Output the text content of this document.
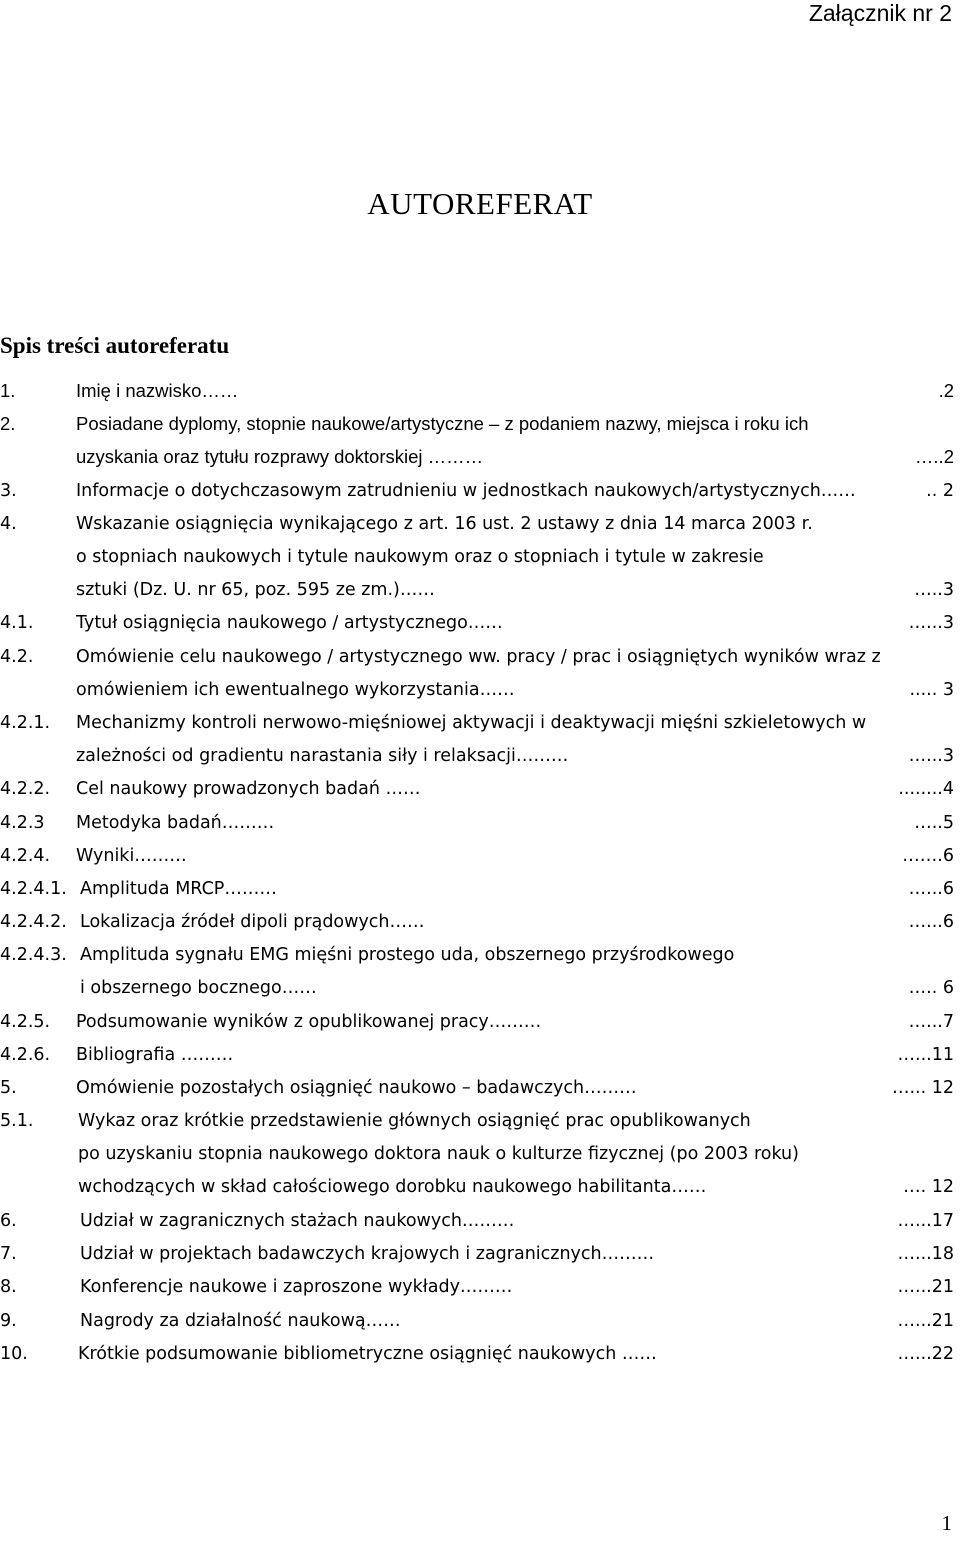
Załącznik nr 2
AUTOREFERAT
Spis treści autoreferatu
1.	Imię i nazwisko……	.2
2.	Posiadane dyplomy, stopnie naukowe/artystyczne – z podaniem nazwy, miejsca i roku ich
uzyskania oraz tytułu rozprawy doktorskiej ………	…..2
3.	Informacje o dotychczasowym zatrudnieniu w jednostkach naukowych/artystycznych……	.. 2
4.	Wskazanie osiągnięcia wynikającego z art. 16 ust. 2 ustawy z dnia 14 marca 2003 r.
o stopniach naukowych i tytule naukowym oraz o stopniach i tytule w zakresie
sztuki (Dz. U. nr 65, poz. 595 ze zm.)……	…..3
4.1. Tytuł osiągnięcia naukowego / artystycznego……	…...3
4.2. Omówienie celu naukowego / artystycznego ww. pracy / prac i osiągniętych wyników wraz z
omówieniem ich ewentualnego wykorzystania……	..... 3
4.2.1. Mechanizmy kontroli nerwowo-mięśniowej aktywacji i deaktywacji mięśni szkieletowych w
zależności od gradientu narastania siły i relaksacji………	…...3
4.2.2. Cel naukowy prowadzonych badań ……	........4
4.2.3 Metodyka badań………	…..5
4.2.4. Wyniki………	…….6
4.2.4.1. Amplituda MRCP………	…...6
4.2.4.2. Lokalizacja źródeł dipoli prądowych……	…...6
4.2.4.3. Amplituda sygnału EMG mięśni prostego uda, obszernego przyśrodkowego
i obszernego bocznego……	….. 6
4.2.5. Podsumowanie wyników z opublikowanej pracy………	…...7
4.2.6. Bibliografia ………	…...11
5.	Omówienie pozostałych osiągnięć naukowo – badawczych………	…... 12
5.1.	Wykaz oraz krótkie przedstawienie głównych osiągnięć prac opublikowanych
po uzyskaniu stopnia naukowego doktora nauk o kulturze fizycznej (po 2003 roku)
wchodzących w skład całościowego dorobku naukowego habilitanta……	…. 12
6.	Udział w zagranicznych stażach naukowych………	…...17
7.	Udział w projektach badawczych krajowych i zagranicznych………	…...18
8.	Konferencje naukowe i zaproszone wykłady………	…...21
9.	Nagrody za działalność naukową……	…...21
10.	Krótkie podsumowanie bibliometryczne osiągnięć naukowych ……	…...22
1
